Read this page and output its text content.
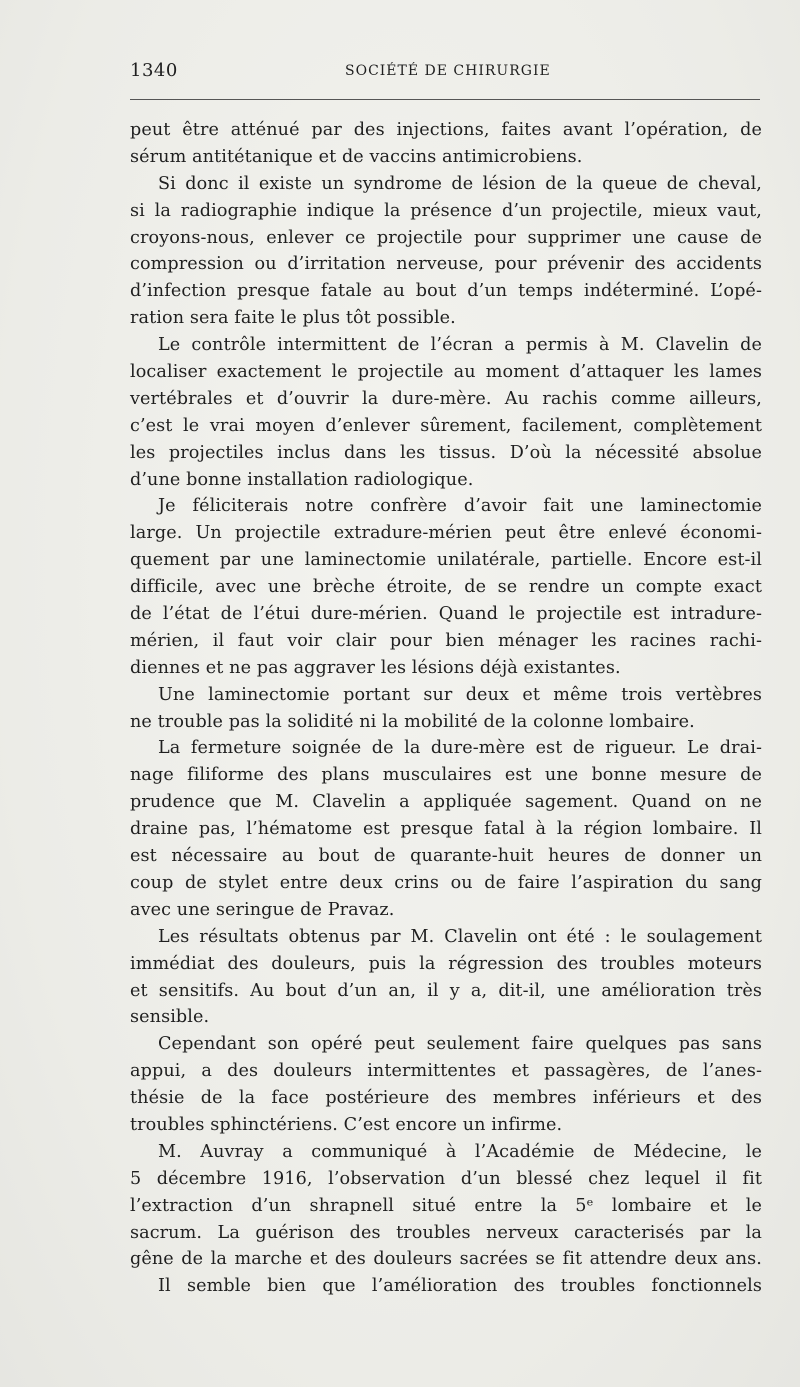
1340	SOCIÉTÉ DE CHIRURGIE
peut être atténué par des injections, faites avant l’opération, de
sérum antitétanique et de vaccins antimicrobiens.
Si donc il existe un syndrome de lésion de la queue de cheval,
si la radiographie indique la présence d’un projectile, mieux vaut,
croyons-nous, enlever ce projectile pour supprimer une cause de
compression ou d’irritation nerveuse, pour prévenir des accidents
d’infection presque fatale au bout d’un temps indéterminé. L’opé-
ration sera faite le plus tôt possible.
Le contrôle intermittent de l’écran a permis à M. Clavelin de
localiser exactement le projectile au moment d’attaquer les lames
vertébrales et d’ouvrir la dure-mère. Au rachis comme ailleurs,
c’est le vrai moyen d’enlever sûrement, facilement, complètement
les projectiles inclus dans les tissus. D’où la nécessité absolue
d’une bonne installation radiologique.
Je féliciterais notre confrère d’avoir fait une laminectomie
large. Un projectile extradure-mérien peut être enlevé économi-
quement par une laminectomie unilatérale, partielle. Encore est-il
difficile, avec une brèche étroite, de se rendre un compte exact
de l’état de l’étui dure-mérien. Quand le projectile est intradure-
mérien, il faut voir clair pour bien ménager les racines rachi-
diennes et ne pas aggraver les lésions déjà existantes.
Une laminectomie portant sur deux et même trois vertèbres
ne trouble pas la solidité ni la mobilité de la colonne lombaire.
La fermeture soignée de la dure-mère est de rigueur. Le drai-
nage filiforme des plans musculaires est une bonne mesure de
prudence que M. Clavelin a appliquée sagement. Quand on ne
draine pas, l’hématome est presque fatal à la région lombaire. Il
est nécessaire au bout de quarante-huit heures de donner un
coup de stylet entre deux crins ou de faire l’aspiration du sang
avec une seringue de Pravaz.
Les résultats obtenus par M. Clavelin ont été : le soulagement
immédiat des douleurs, puis la régression des troubles moteurs
et sensitifs. Au bout d’un an, il y a, dit-il, une amélioration très
sensible.
Cependant son opéré peut seulement faire quelques pas sans
appui, a des douleurs intermittentes et passagères, de l’anes-
thésie de la face postérieure des membres inférieurs et des
troubles sphinctériens. C’est encore un infirme.
M. Auvray a communiqué à l’Académie de Médecine, le
5 décembre 1916, l’observation d’un blessé chez lequel il fit
l’extraction d’un shrapnell situé entre la 5ᵉ lombaire et le
sacrum. La guérison des troubles nerveux caracterisés par la
gêne de la marche et des douleurs sacrées se fit attendre deux ans.
Il semble bien que l’amélioration des troubles fonctionnels
